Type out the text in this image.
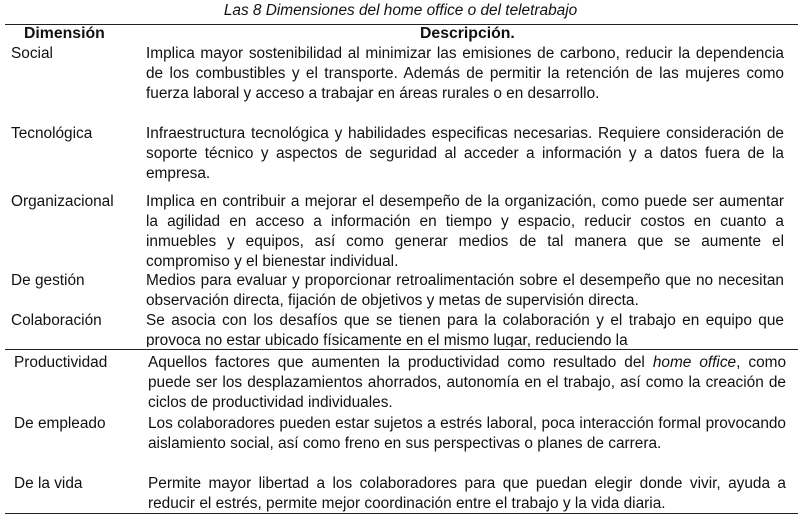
Las 8 Dimensiones del home office o del teletrabajo
Dimensión	Descripción.
Social	Implica mayor sostenibilidad al minimizar las emisiones de carbono, reducir la dependencia de los combustibles y el transporte. Además de permitir la retención de las mujeres como fuerza laboral y acceso a trabajar en áreas rurales o en desarrollo.
Tecnológica	Infraestructura tecnológica y habilidades especificas necesarias. Requiere consideración de soporte técnico y aspectos de seguridad al acceder a información y a datos fuera de la empresa.
Organizacional Implica en contribuir a mejorar el desempeño de la organización, como puede ser aumentar la agilidad en acceso a información en tiempo y espacio, reducir costos en cuanto a inmuebles y equipos, así como generar medios de tal manera que se aumente el compromiso y el bienestar individual.
De gestión	Medios para evaluar y proporcionar retroalimentación sobre el desempeño que no necesitan observación directa, fijación de objetivos y metas de supervisión directa.
Colaboración	Se asocia con los desafíos que se tienen para la colaboración y el trabajo en equipo que provoca no estar ubicado físicamente en el mismo lugar, reduciendo la
Productividad	Aquellos factores que aumenten la productividad como resultado del home office, como puede ser los desplazamientos ahorrados, autonomía en el trabajo, así como la creación de ciclos de productividad individuales.
De empleado	Los colaboradores pueden estar sujetos a estrés laboral, poca interacción formal provocando aislamiento social, así como freno en sus perspectivas o planes de carrera.
De la vida	Permite mayor libertad a los colaboradores para que puedan elegir donde vivir, ayuda a reducir el estrés, permite mejor coordinación entre el trabajo y la vida diaria.
